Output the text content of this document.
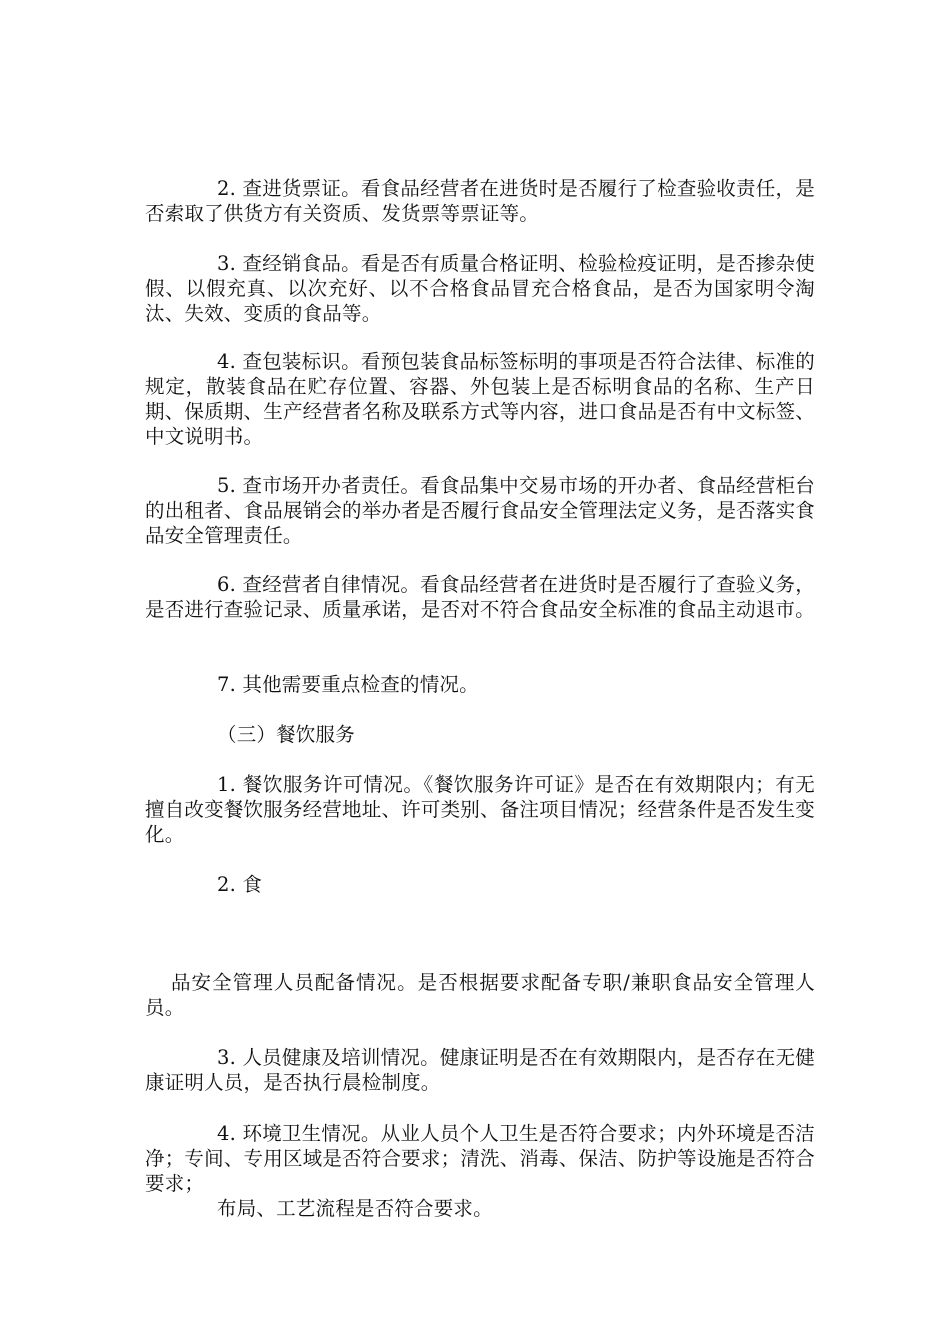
2. 查进货票证。看食品经营者在进货时是否履行了检查验收责任，是否索取了供货方有关资质、发货票等票证等。

3. 查经销食品。看是否有质量合格证明、检验检疫证明，是否掺杂使假、以假充真、以次充好、以不合格食品冒充合格食品，是否为国家明令淘汰、失效、变质的食品等。

4. 查包装标识。看预包装食品标签标明的事项是否符合法律、标准的规定，散装食品在贮存位置、容器、外包装上是否标明食品的名称、生产日期、保质期、生产经营者名称及联系方式等内容，进口食品是否有中文标签、中文说明书。

5. 查市场开办者责任。看食品集中交易市场的开办者、食品经营柜台的出租者、食品展销会的举办者是否履行食品安全管理法定义务，是否落实食品安全管理责任。

6. 查经营者自律情况。看食品经营者在进货时是否履行了查验义务，是否进行查验记录、质量承诺，是否对不符合食品安全标准的食品主动退市。

7. 其他需要重点检查的情况。

（三）餐饮服务

1. 餐饮服务许可情况。《餐饮服务许可证》是否在有效期限内；有无擅自改变餐饮服务经营地址、许可类别、备注项目情况；经营条件是否发生变化。

2. 食

品安全管理人员配备情况。是否根据要求配备专职/兼职食品安全管理人员。

3. 人员健康及培训情况。健康证明是否在有效期限内，是否存在无健康证明人员，是否执行晨检制度。

4. 环境卫生情况。从业人员个人卫生是否符合要求；内外环境是否洁净；专间、专用区域是否符合要求；清洗、消毒、保洁、防护等设施是否符合要求；

布局、工艺流程是否符合要求。
